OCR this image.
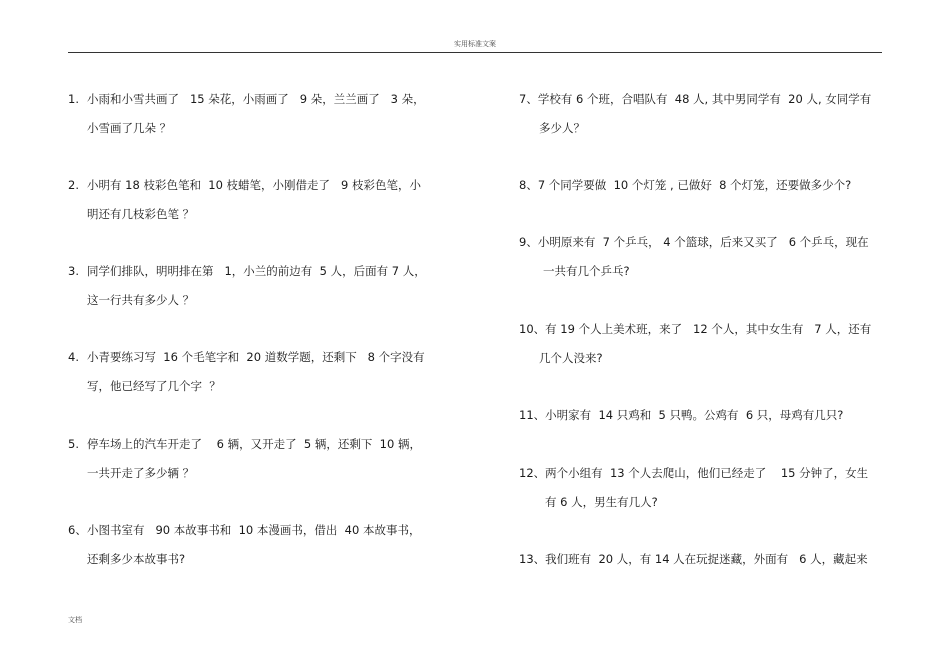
实用标准文案

1.

小雨和小雪共画了   15 朵花，小雨画了   9 朵，兰兰画了   3 朵，

小雪画了几朵 ？

2.

小明有 18 枝彩色笔和  10 枝蜡笔，小刚借走了   9 枝彩色笔，小

明还有几枝彩色笔 ？

3.

同学们排队，明明排在第   1，小兰的前边有  5 人，后面有 7 人，

这一行共有多少人 ？

4.

小青要练习写  16 个毛笔字和  20 道数学题，还剩下   8 个字没有

写，他已经写了几个字  ？

5.

停车场上的汽车开走了    6 辆，又开走了  5 辆，还剩下  10 辆，

一共开走了多少辆 ？

6、

小图书室有   90 本故事书和  10 本漫画书，借出  40 本故事书，

还剩多少本故事书?

7、学校有 6 个班，合唱队有  48 人, 其中男同学有  20 人, 女同学有

多少人？

8、7 个同学要做  10 个灯笼 , 已做好  8 个灯笼，还要做多少个?

9、小明原来有  7 个乒乓， 4 个篮球，后来又买了   6 个乒乓，现在

一共有几个乒乓?

10、有 19 个人上美术班，来了   12 个人，其中女生有   7 人，还有

几个人没来?

11、小明家有  14 只鸡和  5 只鸭。公鸡有  6 只，母鸡有几只?

12、两个小组有  13 个人去爬山，他们已经走了    15 分钟了，女生

有 6 人，男生有几人?

13、我们班有  20 人，有 14 人在玩捉迷藏，外面有   6 人，藏起来

文档
